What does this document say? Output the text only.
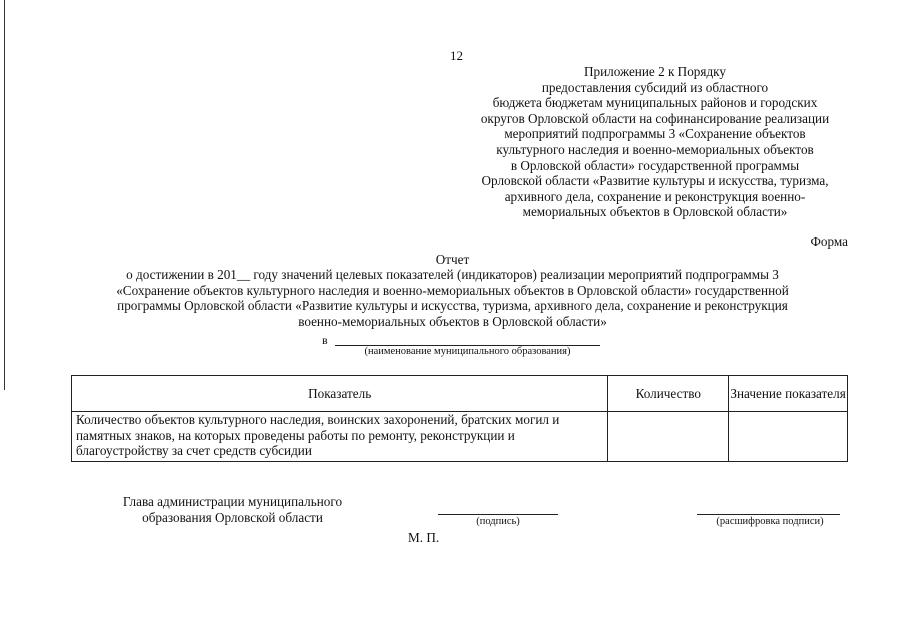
12
Приложение 2 к Порядку
предоставления субсидий из областного
бюджета бюджетам муниципальных районов и городских
округов Орловской области на софинансирование реализации
мероприятий подпрограммы 3 «Сохранение объектов
культурного наследия и военно-мемориальных объектов
в Орловской области» государственной программы
Орловской области «Развитие культуры и искусства, туризма,
архивного дела, сохранение и реконструкция военно-
мемориальных объектов в Орловской области»
Форма
Отчет
о достижении в 201__ году значений целевых показателей (индикаторов) реализации мероприятий подпрограммы 3
«Сохранение объектов культурного наследия и военно-мемориальных объектов в Орловской области» государственной
программы Орловской области «Развитие культуры и искусства, туризма, архивного дела, сохранение и реконструкция
военно-мемориальных объектов в Орловской области»
в
(наименование муниципального образования)
Показатель	Количество	Значение показателя
Количество объектов культурного наследия, воинских захоронений, братских могил и памятных знаков, на которых проведены работы по ремонту, реконструкции и благоустройству за счет средств субсидии		
Глава администрации муниципального
образования Орловской области	(подпись)	(расшифровка подписи)
М. П.
